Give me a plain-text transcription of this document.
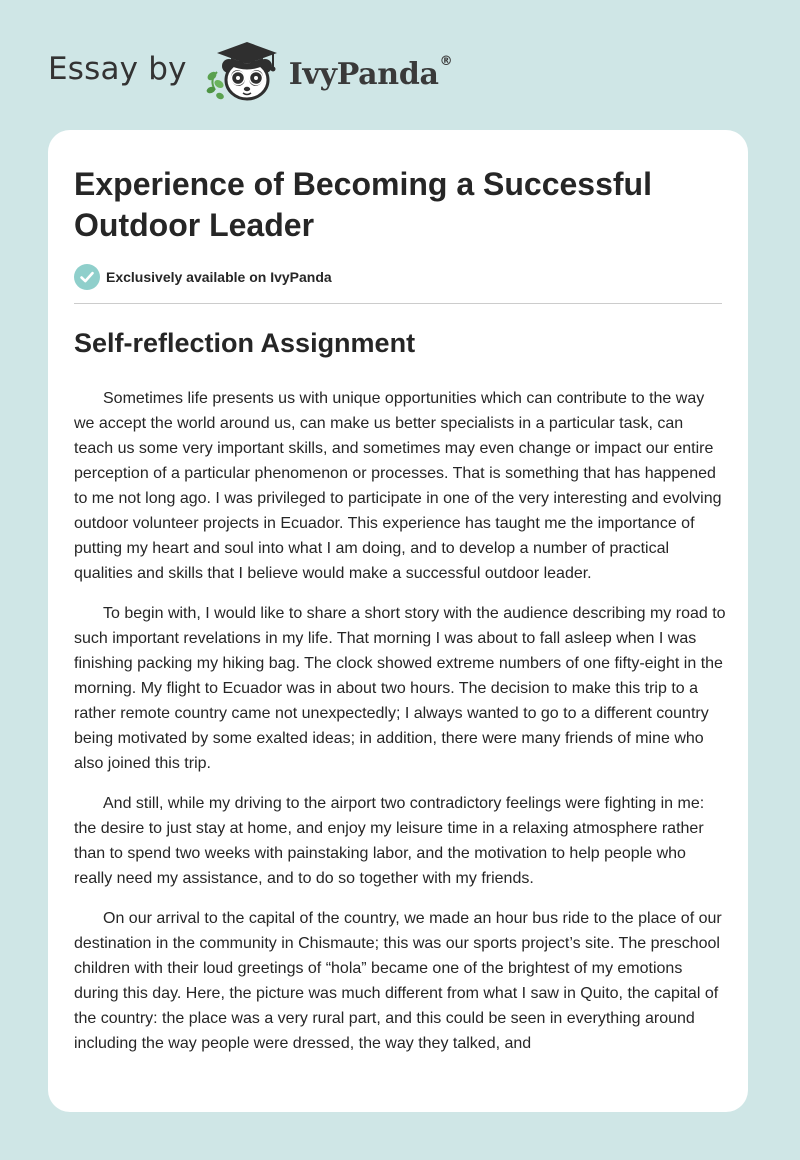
Essay by	IvyPanda ®
Experience of Becoming a Successful Outdoor Leader
Exclusively available on IvyPanda
Self-reflection Assignment

Sometimes life presents us with unique opportunities which can contribute to the way we accept the world around us, can make us better specialists in a particular task, can teach us some very important skills, and sometimes may even change or impact our entire perception of a particular phenomenon or processes. That is something that has happened to me not long ago. I was privileged to participate in one of the very interesting and evolving outdoor volunteer projects in Ecuador. This experience has taught me the importance of putting my heart and soul into what I am doing, and to develop a number of practical qualities and skills that I believe would make a successful outdoor leader.

To begin with, I would like to share a short story with the audience describing my road to such important revelations in my life. That morning I was about to fall asleep when I was finishing packing my hiking bag. The clock showed extreme numbers of one fifty-eight in the morning. My flight to Ecuador was in about two hours. The decision to make this trip to a rather remote country came not unexpectedly; I always wanted to go to a different country being motivated by some exalted ideas; in addition, there were many friends of mine who also joined this trip.

And still, while my driving to the airport two contradictory feelings were fighting in me: the desire to just stay at home, and enjoy my leisure time in a relaxing atmosphere rather than to spend two weeks with painstaking labor, and the motivation to help people who really need my assistance, and to do so together with my friends.

On our arrival to the capital of the country, we made an hour bus ride to the place of our destination in the community in Chismaute; this was our sports project’s site. The preschool children with their loud greetings of “hola” became one of the brightest of my emotions during this day. Here, the picture was much different from what I saw in Quito, the capital of the country: the place was a very rural part, and this could be seen in everything around including the way people were dressed, the way they talked, and
